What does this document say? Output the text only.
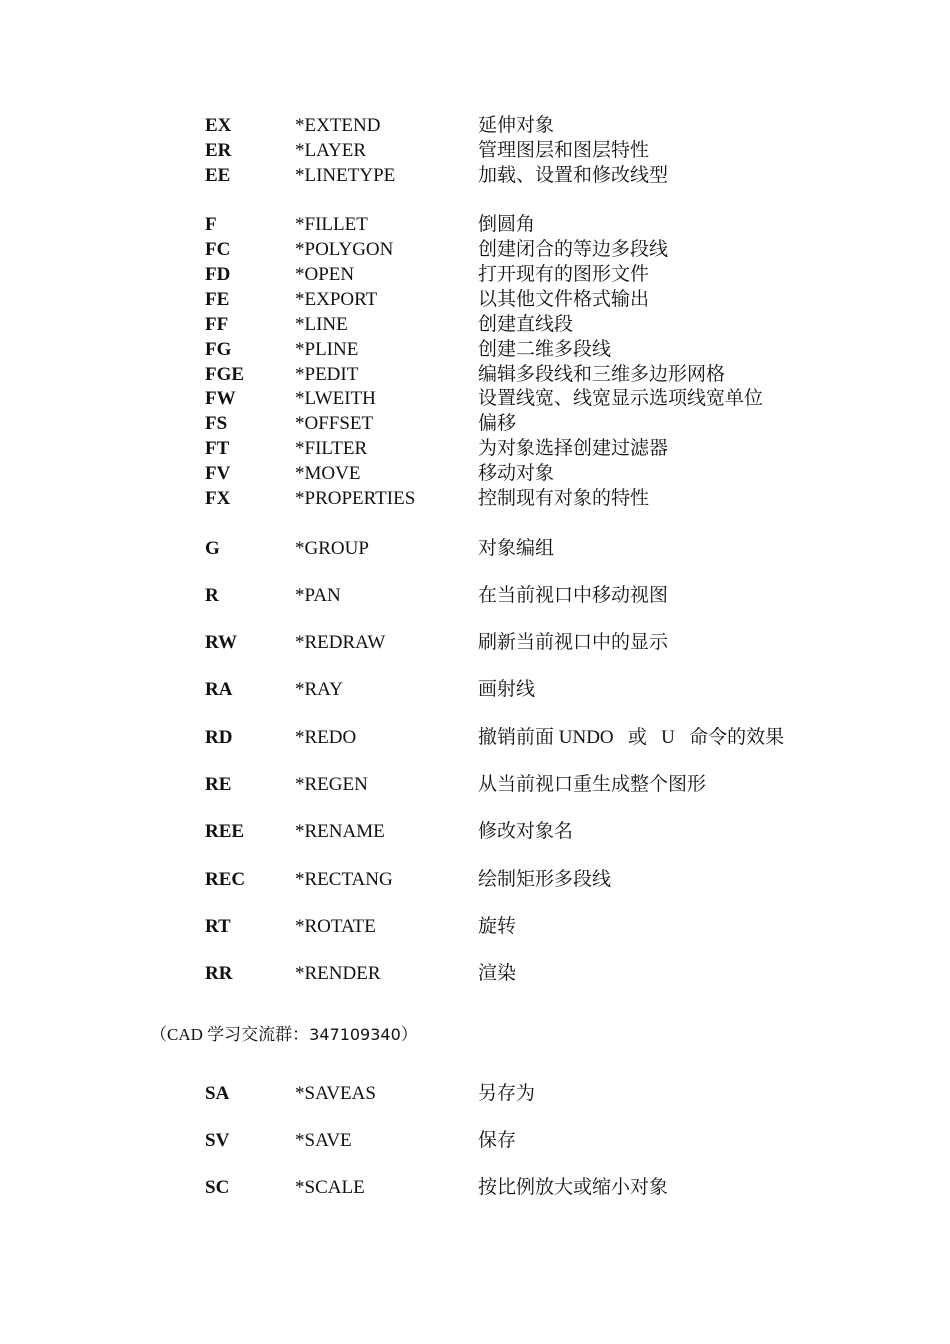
EX	*EXTEND	延伸对象
ER	*LAYER	管理图层和图层特性
EE	*LINETYPE	加载、设置和修改线型
F	*FILLET	倒圆角
FC	*POLYGON	创建闭合的等边多段线
FD	*OPEN	打开现有的图形文件
FE	*EXPORT	以其他文件格式输出
FF	*LINE	创建直线段
FG	*PLINE	创建二维多段线
FGE	*PEDIT	编辑多段线和三维多边形网格
FW	*LWEITH	设置线宽、线宽显示选项线宽单位
FS	*OFFSET	偏移
FT	*FILTER	为对象选择创建过滤器
FV	*MOVE	移动对象
FX	*PROPERTIES	控制现有对象的特性
G	*GROUP	对象编组
R	*PAN	在当前视口中移动视图
RW	*REDRAW	刷新当前视口中的显示
RA	*RAY	画射线
RD	*REDO	撤销前面 UNDO   或   U   命令的效果
RE	*REGEN	从当前视口重生成整个图形
REE	*RENAME	修改对象名
REC	*RECTANG	绘制矩形多段线
RT	*ROTATE	旋转
RR	*RENDER	渲染
（CAD 学习交流群：347109340）
SA	*SAVEAS	另存为
SV	*SAVE	保存
SC	*SCALE	按比例放大或缩小对象
